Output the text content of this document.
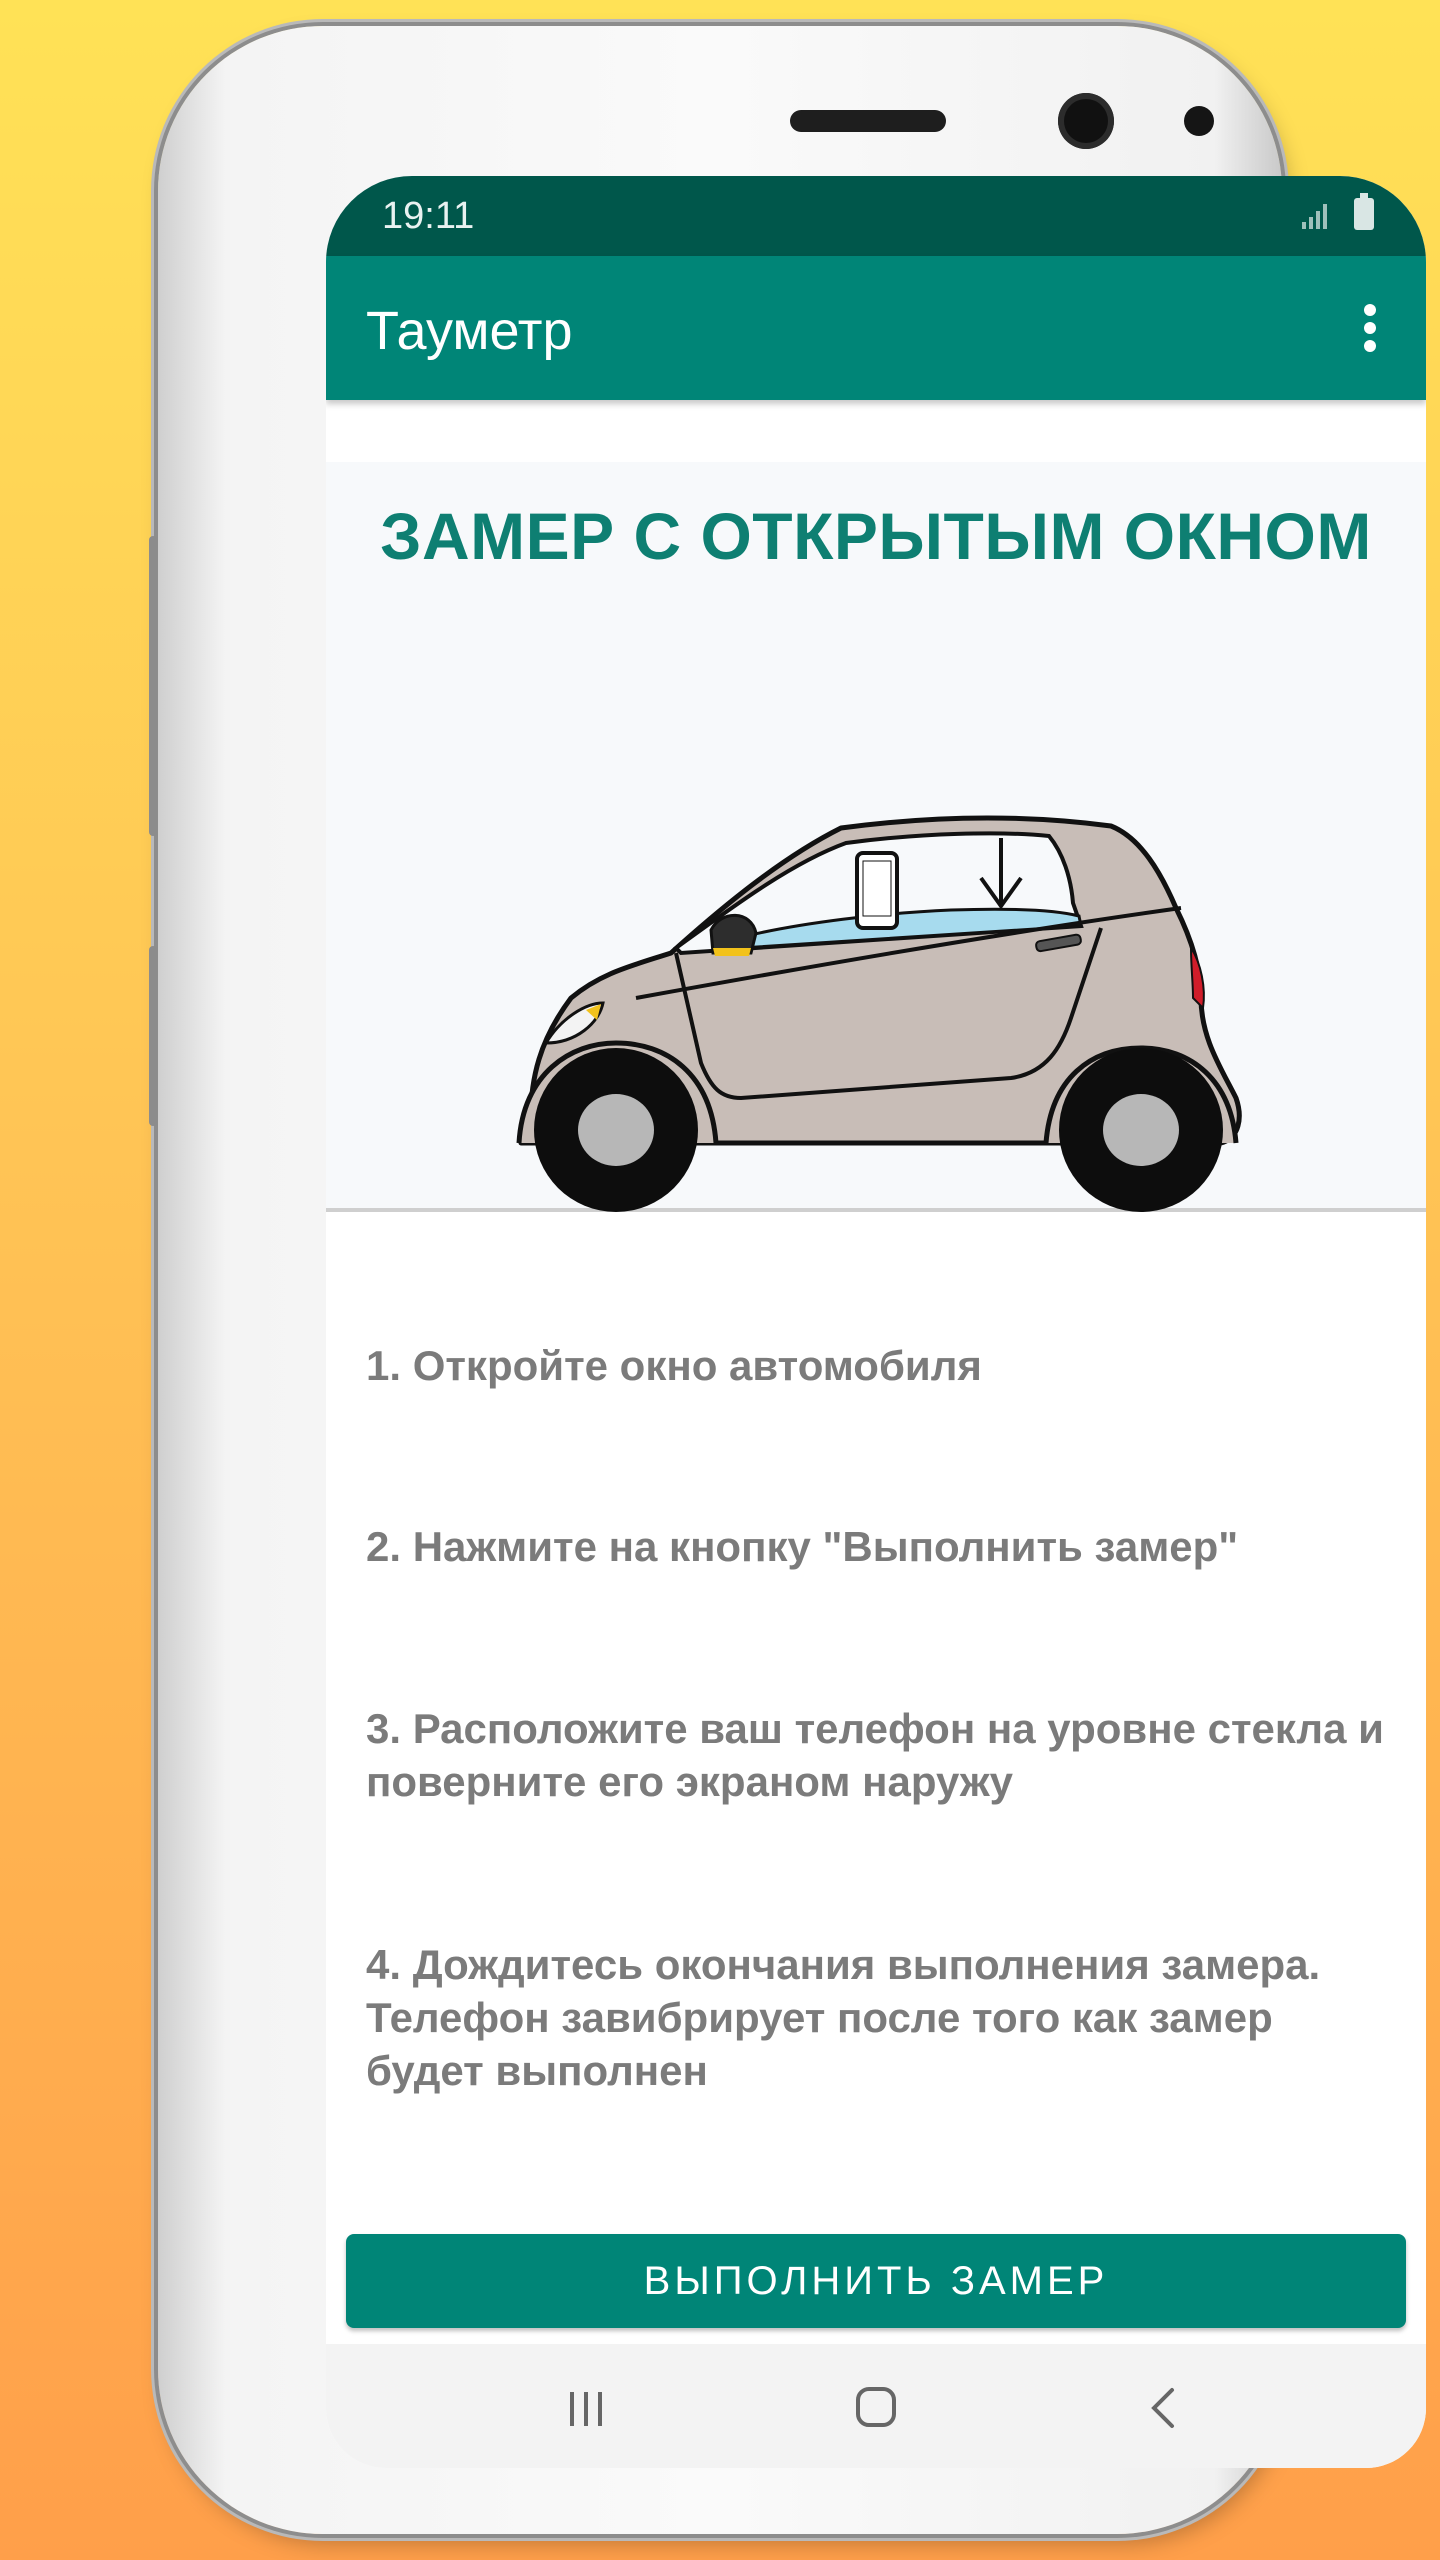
19:11
Тауметр
ЗАМЕР С ОТКРЫТЫМ ОКНОМ
1. Откройте окно автомобиля
2. Нажмите на кнопку "Выполнить замер"
3. Расположите ваш телефон на уровне стекла и поверните его экраном наружу
4. Дождитесь окончания выполнения замера. Телефон завибрирует после того как замер будет выполнен
ВЫПОЛНИТЬ ЗАМЕР
